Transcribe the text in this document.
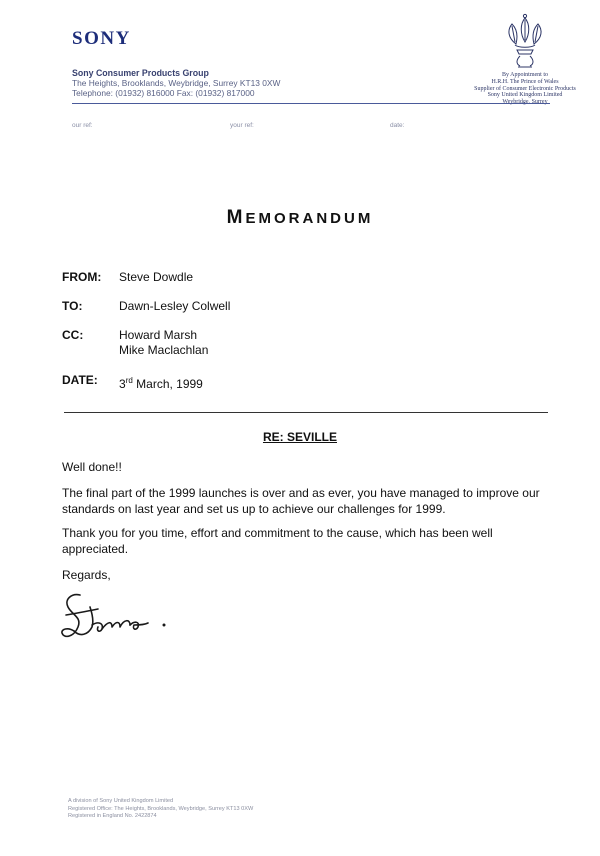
SONY
Sony Consumer Products Group
The Heights, Brooklands, Weybridge, Surrey KT13 0XW
Telephone: (01932) 816000 Fax: (01932) 817000
By Appointment to
H.R.H. The Prince of Wales
Supplier of Consumer Electronic Products
Sony United Kingdom Limited
our ref:	your ref:	date:
MEMORANDUM
FROM: Steve Dowdle
TO:	Dawn-Lesley Colwell
CC:	Howard Marsh
Mike Maclachlan
DATE: 3rd March, 1999
RE: SEVILLE
Well done!!
The final part of the 1999 launches is over and as ever, you have managed to improve our standards on last year and set us up to achieve our challenges for 1999.
Thank you for you time, effort and commitment to the cause, which has been well appreciated.
Regards,
A division of Sony United Kingdom Limited
Registered Office: The Heights, Brooklands, Weybridge, Surrey KT13 0XW
Registered in England No. 2422874
